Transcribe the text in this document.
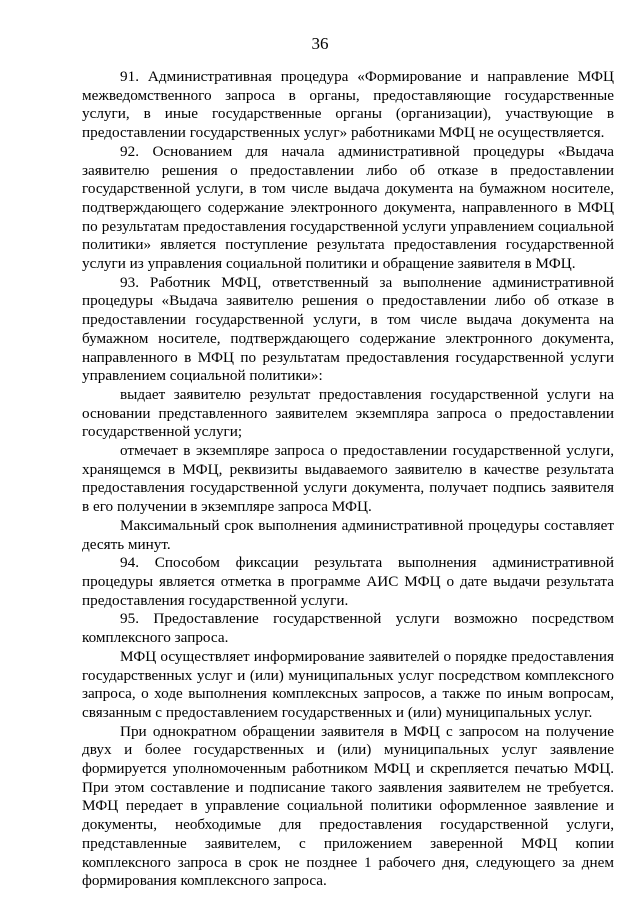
36

91. Административная процедура «Формирование и направление МФЦ межведомственного запроса в органы, предоставляющие государственные услуги, в иные государственные органы (организации), участвующие в предоставлении государственных услуг» работниками МФЦ не осуществляется.

92. Основанием для начала административной процедуры «Выдача заявителю решения о предоставлении либо об отказе в предоставлении государственной услуги, в том числе выдача документа на бумажном носителе, подтверждающего содержание электронного документа, направленного в МФЦ по результатам предоставления государственной услуги управлением социальной политики» является поступление результата предоставления государственной услуги из управления социальной политики и обращение заявителя в МФЦ.

93. Работник МФЦ, ответственный за выполнение административной процедуры «Выдача заявителю решения о предоставлении либо об отказе в предоставлении государственной услуги, в том числе выдача документа на бумажном носителе, подтверждающего содержание электронного документа, направленного в МФЦ по результатам предоставления государственной услуги управлением социальной политики»:

выдает заявителю результат предоставления государственной услуги на основании представленного заявителем экземпляра запроса о предоставлении государственной услуги;

отмечает в экземпляре запроса о предоставлении государственной услуги, хранящемся в МФЦ, реквизиты выдаваемого заявителю в качестве результата предоставления государственной услуги документа, получает подпись заявителя в его получении в экземпляре запроса МФЦ.

Максимальный срок выполнения административной процедуры составляет десять минут.

94. Способом фиксации результата выполнения административной процедуры является отметка в программе АИС МФЦ о дате выдачи результата предоставления государственной услуги.

95. Предоставление государственной услуги возможно посредством комплексного запроса.

МФЦ осуществляет информирование заявителей о порядке предоставления государственных услуг и (или) муниципальных услуг посредством комплексного запроса, о ходе выполнения комплексных запросов, а также по иным вопросам, связанным с предоставлением государственных и (или) муниципальных услуг.

При однократном обращении заявителя в МФЦ с запросом на получение двух и более государственных и (или) муниципальных услуг заявление формируется уполномоченным работником МФЦ и скрепляется печатью МФЦ. При этом составление и подписание такого заявления заявителем не требуется. МФЦ передает в управление социальной политики оформленное заявление и документы, необходимые для предоставления государственной услуги, представленные заявителем, с приложением заверенной МФЦ копии комплексного запроса в срок не позднее 1 рабочего дня, следующего за днем формирования комплексного запроса.
